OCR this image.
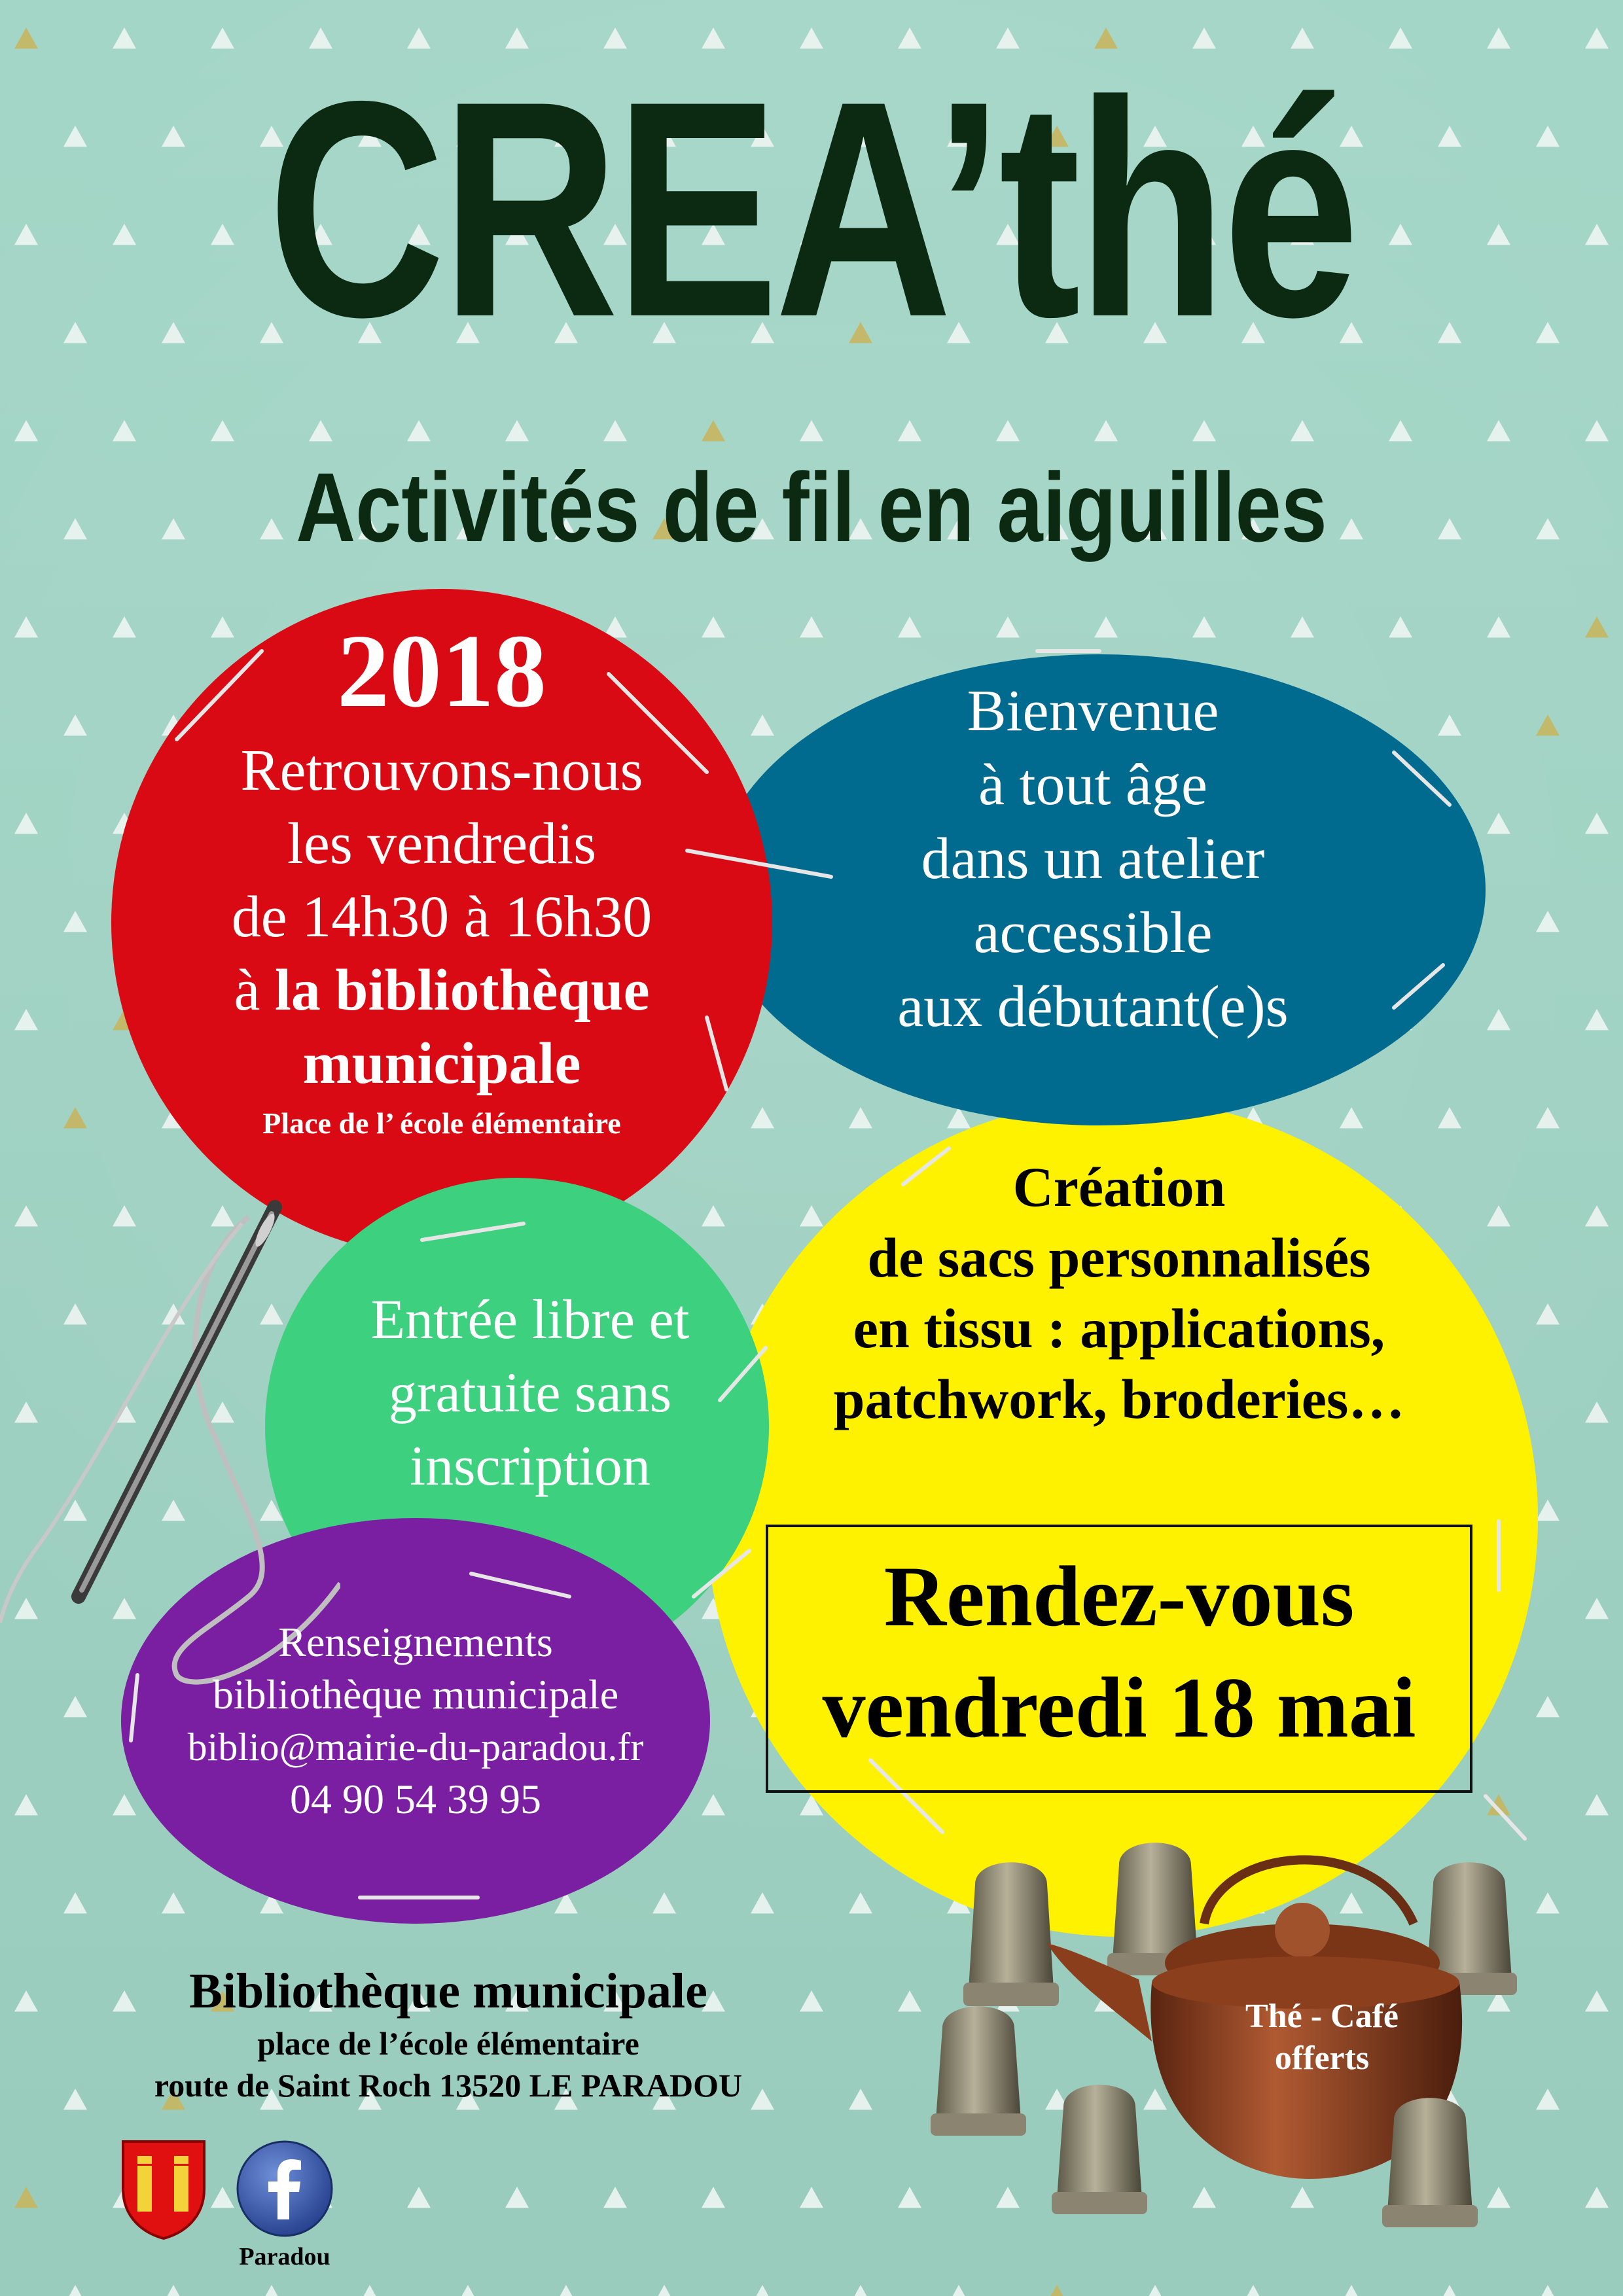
CREA’thé
Activités de fil en aiguilles
2018
Retrouvons-nous
les vendredis
de 14h30 à 16h30
à la bibliothèque
municipale
Place de l’ école élémentaire
Bienvenue
à tout âge
dans un atelier
accessible
aux débutant(e)s
Création
de sacs personnalisés
en tissu : applications,
patchwork, broderies…
Rendez-vous
vendredi 18 mai
Entrée libre et
gratuite sans
inscription
Renseignements
bibliothèque municipale
biblio@mairie-du-paradou.fr
04 90 54 39 95
Bibliothèque municipale
place de l’école élémentaire
route de Saint Roch 13520 LE PARADOU
Paradou
Thé - Café
offerts
